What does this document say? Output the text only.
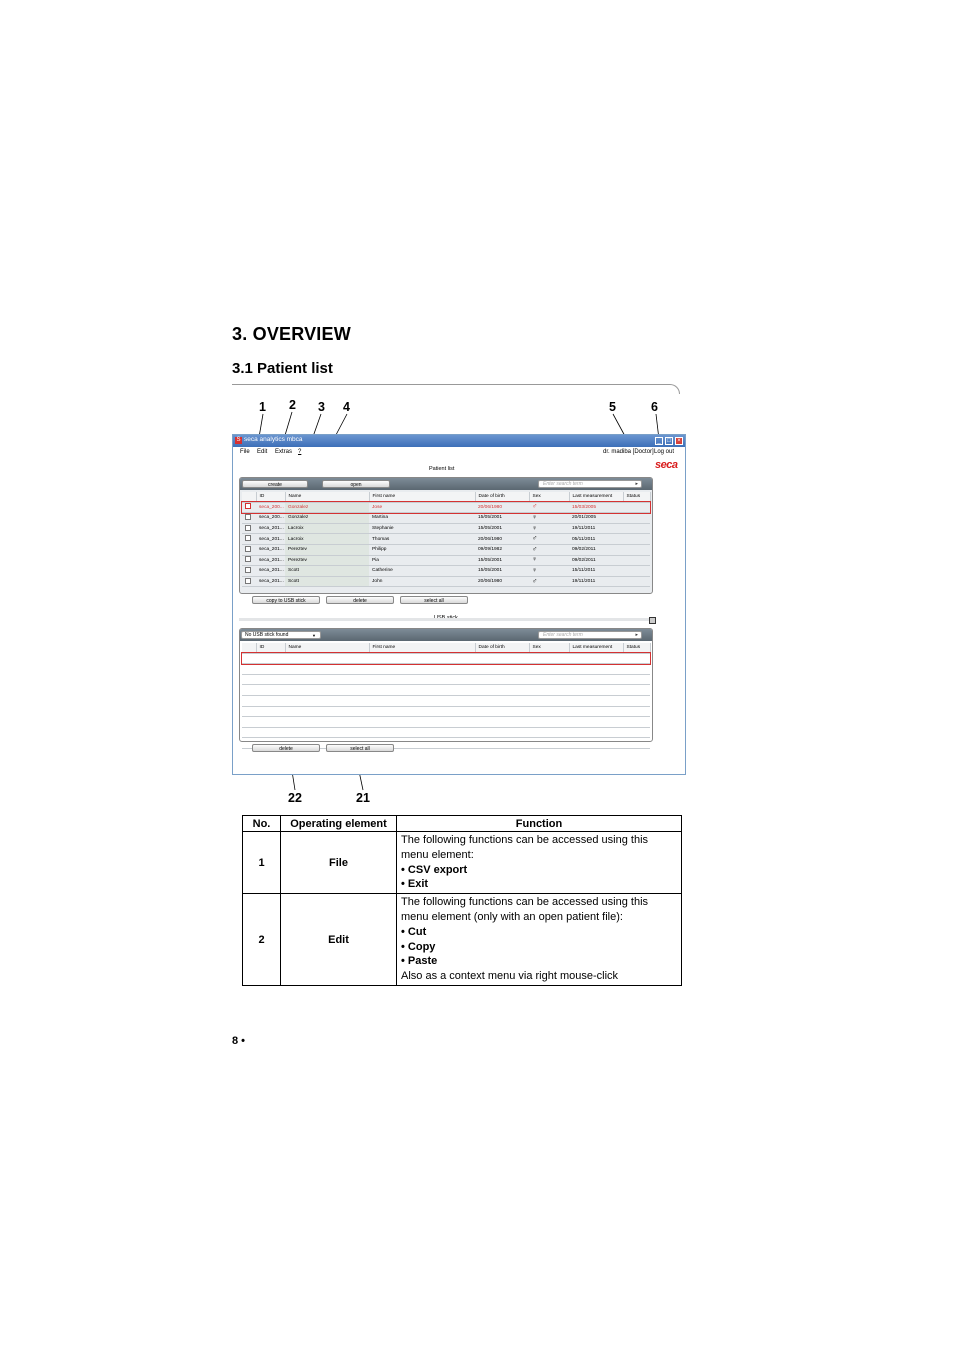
3. OVERVIEW
3.1 Patient list
1 2 3 4	5	6
21
22
S seca analytics mbca	_	□	×
File Edit Extras ?	dr. madiba [Doctor] Log out
seca
Patient list
create	open	Enter search term	▸
	ID	Name	First name	Date of birth	Sex	Last measurement	Status
	seca_200...	Gonzalez	Jose	20/06/1980	♂	15/03/2005	
	seca_200...	Gonzalez	Martina	15/05/2001	♀	20/01/2005	
	seca_201...	Lacroix	Stephanie	15/05/2001	♀	19/11/2011	
	seca_201...	Lacroix	Thomas	20/06/1980	♂	05/11/2011	
	seca_201...	Pereztev	Philipp	09/09/1982	♂	09/02/2011	
	seca_201...	Pereztev	Pia	15/05/2001	♀	09/02/2011	
	seca_201...	Scott	Catherine	15/05/2001	♀	15/11/2011	
	seca_201...	Scott	John	20/06/1980	♂	19/11/2011	
copy to USB stick	delete	select all
No USB stick found	▼	Enter search term	▸
	ID	Name	First name	Date of birth	Sex	Last measurement	Status

delete	select all
No.	Operating element	Function
1	File	The following functions can be accessed using this menu element:
• CSV export
• Exit

2	Edit	The following functions can be accessed using this menu element (only with an open patient file):
• Cut
• Copy
• Paste
Also as a context menu via right mouse-click
8 •
